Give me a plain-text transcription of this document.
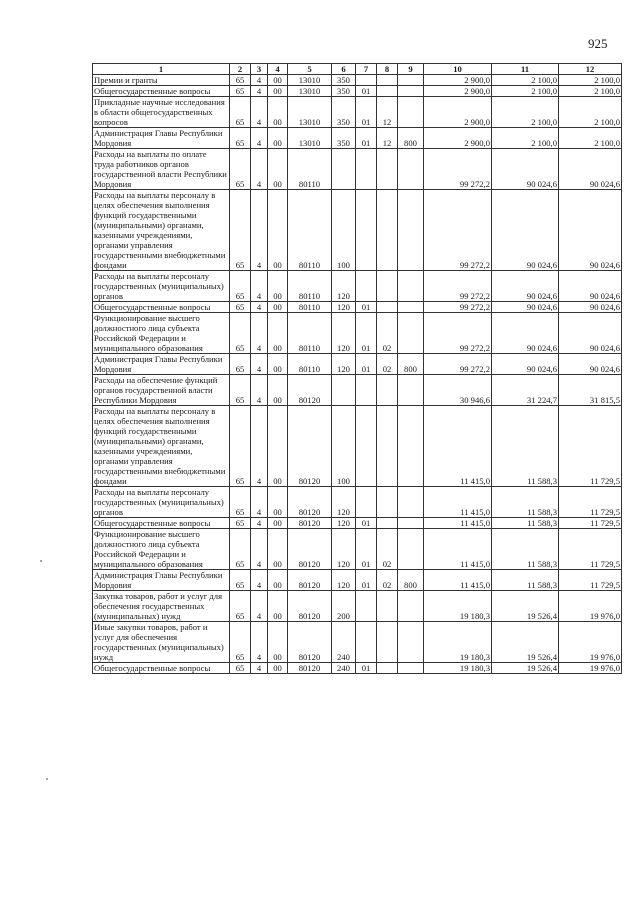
925
1	2	3	4	5	6	7	8	9	10	11	12
Премии и гранты	65	4	00	13010	350				2 900,0	2 100,0	2 100,0
Общегосударственные вопросы	65	4	00	13010	350	01			2 900,0	2 100,0	2 100,0
Прикладные научные исследования в области общегосударственных вопросов	65	4	00	13010	350	01	12		2 900,0	2 100,0	2 100,0
Администрация Главы Республики Мордовия	65	4	00	13010	350	01	12	800	2 900,0	2 100,0	2 100,0
Расходы на выплаты по оплате труда работников органов государственной власти Республики Мордовия	65	4	00	80110					99 272,2	90 024,6	90 024,6
Расходы на выплаты персоналу в целях обеспечения выполнения функций государственными (муниципальными) органами, казенными учреждениями, органами управления государственными внебюджетными фондами	65	4	00	80110	100				99 272,2	90 024,6	90 024,6
Расходы на выплаты персоналу государственных (муниципальных) органов	65	4	00	80110	120				99 272,2	90 024,6	90 024,6
Общегосударственные вопросы	65	4	00	80110	120	01			99 272,2	90 024,6	90 024,6
Функционирование высшего должностного лица субъекта Российской Федерации и муниципального образования	65	4	00	80110	120	01	02		99 272,2	90 024,6	90 024,6
Администрация Главы Республики Мордовия	65	4	00	80110	120	01	02	800	99 272,2	90 024,6	90 024,6
Расходы на обеспечение функций органов государственной власти Республики Мордовия	65	4	00	80120					30 946,6	31 224,7	31 815,5
Расходы на выплаты персоналу в целях обеспечения выполнения функций государственными (муниципальными) органами, казенными учреждениями, органами управления государственными внебюджетными фондами	65	4	00	80120	100				11 415,0	11 588,3	11 729,5
Расходы на выплаты персоналу государственных (муниципальных) органов	65	4	00	80120	120				11 415,0	11 588,3	11 729,5
Общегосударственные вопросы	65	4	00	80120	120	01			11 415,0	11 588,3	11 729,5
Функционирование высшего должностного лица субъекта Российской Федерации и муниципального образования	65	4	00	80120	120	01	02		11 415,0	11 588,3	11 729,5
Администрация Главы Республики Мордовия	65	4	00	80120	120	01	02	800	11 415,0	11 588,3	11 729,5
Закупка товаров, работ и услуг для обеспечения государственных (муниципальных) нужд	65	4	00	80120	200				19 180,3	19 526,4	19 976,0
Иные закупки товаров, работ и услуг для обеспечения государственных (муниципальных) нужд	65	4	00	80120	240				19 180,3	19 526,4	19 976,0
Общегосударственные вопросы	65	4	00	80120	240	01			19 180,3	19 526,4	19 976,0
